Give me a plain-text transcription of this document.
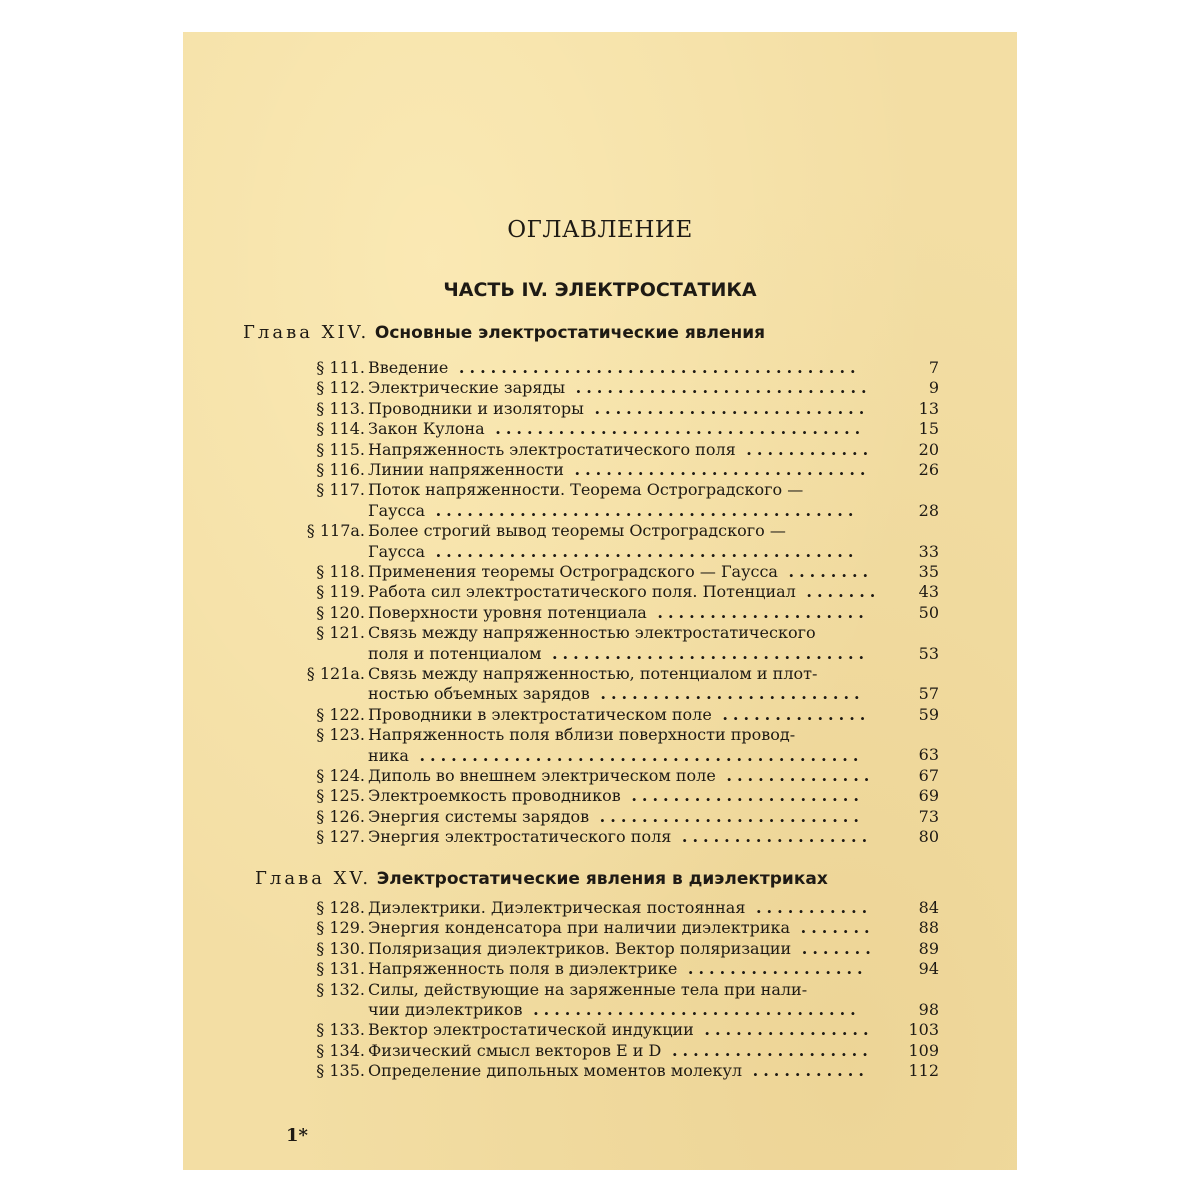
ОГЛАВЛЕНИЕ
ЧАСТЬ IV. ЭЛЕКТРОСТАТИКА
Глава XIV. Основные электростатические явления
§ 111. Введение ......................................	7
§ 112. Электрические заряды ............................	9
§ 113. Проводники и изоляторы ..........................	13
§ 114. Закон Кулона ...................................	15
§ 115. Напряженность электростатического поля ............	20
§ 116. Линии напряженности ............................	26
§ 117. Поток напряженности. Теорема Остроградского —
Гаусса ........................................	28
§ 117а. Более строгий вывод теоремы Остроградского —
Гаусса ........................................	33
§ 118. Применения теоремы Остроградского — Гаусса ........	35
§ 119. Работа сил электростатического поля. Потенциал .......	43
§ 120. Поверхности уровня потенциала ....................	50
§ 121. Связь между напряженностью электростатического
поля и потенциалом ..............................	53
§ 121а. Связь между напряженностью, потенциалом и плот-
ностью объемных зарядов .........................	57
§ 122. Проводники в электростатическом поле ..............	59
§ 123. Напряженность поля вблизи поверхности провод-
ника ..........................................	63
§ 124. Диполь во внешнем электрическом поле ..............	67
§ 125. Электроемкость проводников ......................	69
§ 126. Энергия системы зарядов .........................	73
§ 127. Энергия электростатического поля ..................	80
Глава XV. Электростатические явления в диэлектриках
§ 128. Диэлектрики. Диэлектрическая постоянная ...........	84
§ 129. Энергия конденсатора при наличии диэлектрика .......	88
§ 130. Поляризация диэлектриков. Вектор поляризации .......	89
§ 131. Напряженность поля в диэлектрике .................	94
§ 132. Силы, действующие на заряженные тела при нали-
чии диэлектриков ...............................	98
§ 133. Вектор электростатической индукции ................	103
§ 134. Физический смысл векторов E и D ...................	109
§ 135. Определение дипольных моментов молекул ...........	112
1*
